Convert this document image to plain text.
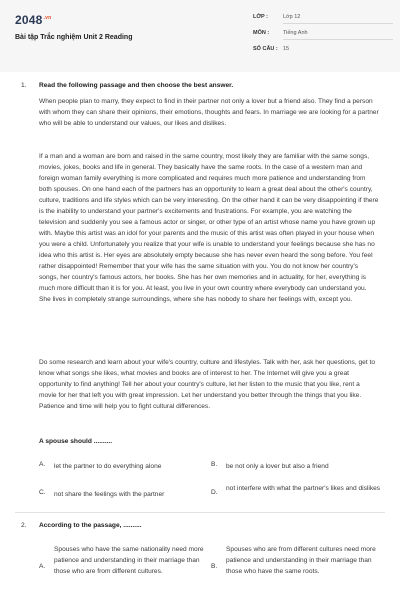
$2048^{.vn}$
Bài tập Trắc nghiệm Unit 2 Reading
LỚP :	Lớp 12
MÔN :	Tiếng Anh
SỐ CÂU : 15
1. Read the following passage and then choose the best answer.
When people plan to marry, they expect to find in their partner not only a lover but a friend also. They find a person with whom they can share their opinions, their emotions, thoughts and fears. In marriage we are looking for a partner who will be able to understand our values, our likes and dislikes.
If a man and a woman are born and raised in the same country, most likely they are familiar with the same songs, movies, jokes, books and life in general. They basically have the same roots. In the case of a western man and foreign woman family everything is more complicated and requires much more patience and understanding from both spouses. On one hand each of the partners has an opportunity to learn a great deal about the other's country, culture, traditions and life styles which can be very interesting. On the other hand it can be very disappointing if there is the inability to understand your partner's excitements and frustrations. For example, you are watching the television and suddenly you see a famous actor or singer, or other type of an artist whose name you have grown up with. Maybe this artist was an idol for your parents and the music of this artist was often played in your house when you were a child. Unfortunately you realize that your wife is unable to understand your feelings because she has no idea who this artist is. Her eyes are absolutely empty because she has never even heard the song before. You feel rather disappointed! Remember that your wife has the same situation with you. You do not know her country's songs, her country's famous actors, her books. She has her own memories and in actuality, for her, everything is much more difficult than it is for you. At least, you live in your own country where everybody can understand you. She lives in completely strange surroundings, where she has nobody to share her feelings with, except you.
Do some research and learn about your wife's country, culture and lifestyles. Talk with her, ask her questions, get to know what songs she likes, what movies and books are of interest to her. The Internet will give you a great opportunity to find anything! Tell her about your country's culture, let her listen to the music that you like, rent a movie for her that left you with great impression. Let her understand you better through the things that you like. Patience and time will help you to fight cultural differences.
A spouse should ..........
A. let the partner to do everything alone	B. be not only a lover but also a friend
C. not share the feelings with the partner	D.
not interfere with what the partner's likes and dislikes
2. According to the passage, ..........
A.
Spouses who have the same nationality need more patience and understanding in their marriage than those who are from different cultures.
B.
Spouses who are from different cultures need more patience and understanding in their marriage than those who have the same roots.
